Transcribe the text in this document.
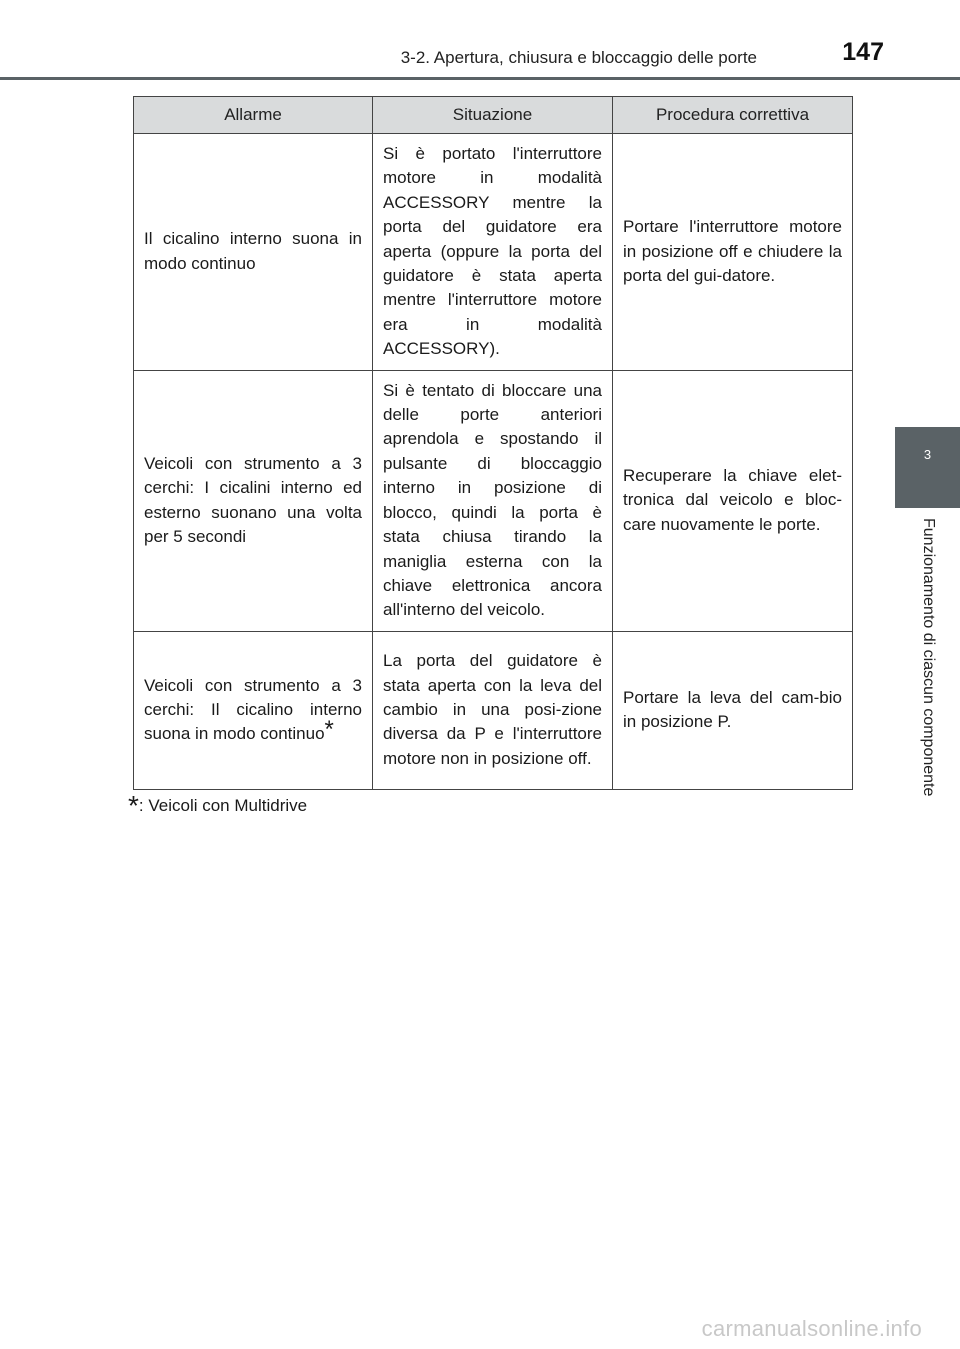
3-2. Apertura, chiusura e bloccaggio delle porte	147
3
Funzionamento di ciascun componente
Allarme	Situazione	Procedura correttiva
Il cicalino interno suona in modo continuo	Si è portato l'interruttore motore in modalità ACCESSORY mentre la porta del guidatore era aperta (oppure la porta del guidatore è stata aperta mentre l'interruttore motore era in modalità ACCESSORY).	Portare l'interruttore motore in posizione off e chiudere la porta del gui-datore.
Veicoli con strumento a 3 cerchi: I cicalini interno ed esterno suonano una volta per 5 secondi	Si è tentato di bloccare una delle porte anteriori aprendola e spostando il pulsante di bloccaggio interno in posizione di blocco, quindi la porta è stata chiusa tirando la maniglia esterna con la chiave elettronica ancora all'interno del veicolo.	Recuperare la chiave elet-tronica dal veicolo e bloc-care nuovamente le porte.
Veicoli con strumento a 3 cerchi: Il cicalino interno suona in modo continuo*	La porta del guidatore è stata aperta con la leva del cambio in una posi-zione diversa da P e l'interruttore motore non in posizione off.	Portare la leva del cam-bio in posizione P.
*: Veicoli con Multidrive
carmanualsonline.info
